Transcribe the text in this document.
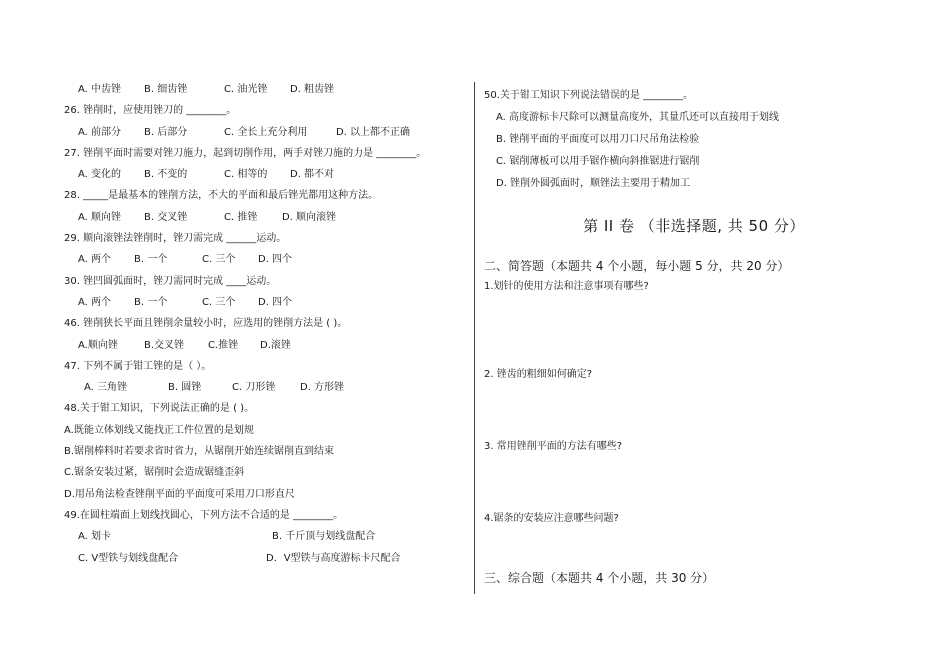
A. 中齿锉 B. 细齿锉	C. 油光锉 D. 粗齿锉
26. 锉削时，应使用锉刀的 ________。
A. 前部分 B. 后部分	C. 全长上充分利用	D. 以上都不正确
27. 锉削平面时需要对锉刀施力，起到切削作用，两手对锉刀施的力是 ________。
A. 变化的 B. 不变的	C. 相等的 D. 都不对
28. _____是最基本的锉削方法，不大的平面和最后锉光都用这种方法。
A. 顺向锉 B. 交叉锉	C. 推锉 D. 顺向滚锉
29. 顺向滚锉法锉削时，锉刀需完成 ______运动。
A. 两个 B. 一个	C. 三个 D. 四个
30. 锉凹圆弧面时，锉刀需同时完成 ____运动。
A. 两个 B. 一个	C. 三个 D. 四个
46. 锉削狭长平面且锉削余量较小时，应选用的锉削方法是 ( )。
A.顺向锉	B.交叉锉 C.推锉 D.滚锉
47. 下列不属于钳工锉的是（ ）。
A. 三角锉	B. 圆锉	C. 刀形锉 D. 方形锉
48.关于钳工知识，下列说法正确的是 ( )。
A.既能立体划线又能找正工件位置的是划规
B.锯削棒料时若要求省时省力，从锯削开始连续锯削直到结束
C.锯条安装过紧，锯削时会造成锯缝歪斜
D.用吊角法检查锉削平面的平面度可采用刀口形直尺
49.在圆柱端面上划线找圆心，下列方法不合适的是 ________。
A. 划卡	B. 千斤顶与划线盘配合
C. V型铁与划线盘配合	D．V型铁与高度游标卡尺配合
50.关于钳工知识下列说法错误的是 ________。
A. 高度游标卡尺除可以测量高度外，其量爪还可以直接用于划线
B. 锉削平面的平面度可以用刀口尺吊角法检验
C. 锯削薄板可以用手锯作横向斜推锯进行锯削
D. 锉削外圆弧面时，顺锉法主要用于精加工
第 II 卷 （非选择题, 共 50 分）
二、简答题（本题共 4 个小题，每小题 5 分，共 20 分）
1.划针的使用方法和注意事项有哪些?
2. 锉齿的粗细如何确定?
3. 常用锉削平面的方法有哪些?
4.锯条的安装应注意哪些问题?
三、综合题（本题共 4 个小题，共 30 分）
